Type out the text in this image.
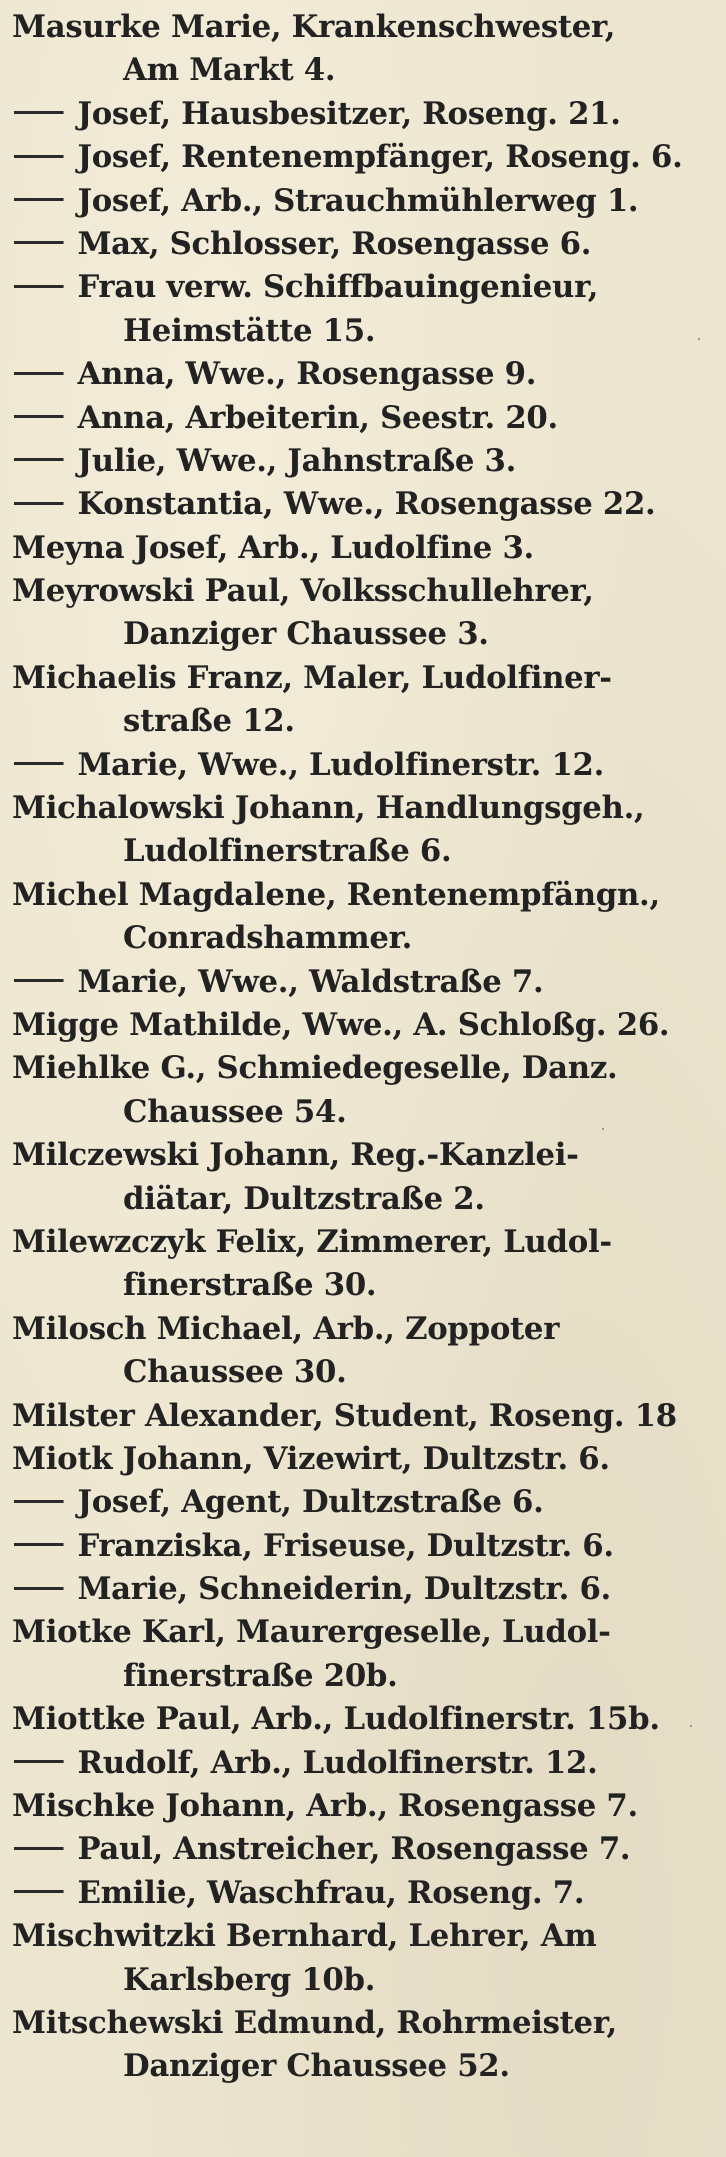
Masurke Marie, Krankenschwester,
Am Markt 4.
Josef, Hausbesitzer, Roseng. 21.
Josef, Rentenempfänger, Roseng. 6.
Josef, Arb., Strauchmühlerweg 1.
Max, Schlosser, Rosengasse 6.
Frau verw. Schiffbauingenieur,
Heimstätte 15.
Anna, Wwe., Rosengasse 9.
Anna, Arbeiterin, Seestr. 20.
Julie, Wwe., Jahnstraße 3.
Konstantia, Wwe., Rosengasse 22.
Meyna Josef, Arb., Ludolfine 3.
Meyrowski Paul, Volksschullehrer,
Danziger Chaussee 3.
Michaelis Franz, Maler, Ludolfiner-
straße 12.
Marie, Wwe., Ludolfinerstr. 12.
Michalowski Johann, Handlungsgeh.,
Ludolfinerstraße 6.
Michel Magdalene, Rentenempfängn.,
Conradshammer.
Marie, Wwe., Waldstraße 7.
Migge Mathilde, Wwe., A. Schloßg. 26.
Miehlke G., Schmiedegeselle, Danz.
Chaussee 54.
Milczewski Johann, Reg.-Kanzlei-
diätar, Dultzstraße 2.
Milewzczyk Felix, Zimmerer, Ludol-
finerstraße 30.
Milosch Michael, Arb., Zoppoter
Chaussee 30.
Milster Alexander, Student, Roseng. 18
Miotk Johann, Vizewirt, Dultzstr. 6.
Josef, Agent, Dultzstraße 6.
Franziska, Friseuse, Dultzstr. 6.
Marie, Schneiderin, Dultzstr. 6.
Miotke Karl, Maurergeselle, Ludol-
finerstraße 20b.
Miottke Paul, Arb., Ludolfinerstr. 15b.
Rudolf, Arb., Ludolfinerstr. 12.
Mischke Johann, Arb., Rosengasse 7.
Paul, Anstreicher, Rosengasse 7.
Emilie, Waschfrau, Roseng. 7.
Mischwitzki Bernhard, Lehrer, Am
Karlsberg 10b.
Mitschewski Edmund, Rohrmeister,
Danziger Chaussee 52.
